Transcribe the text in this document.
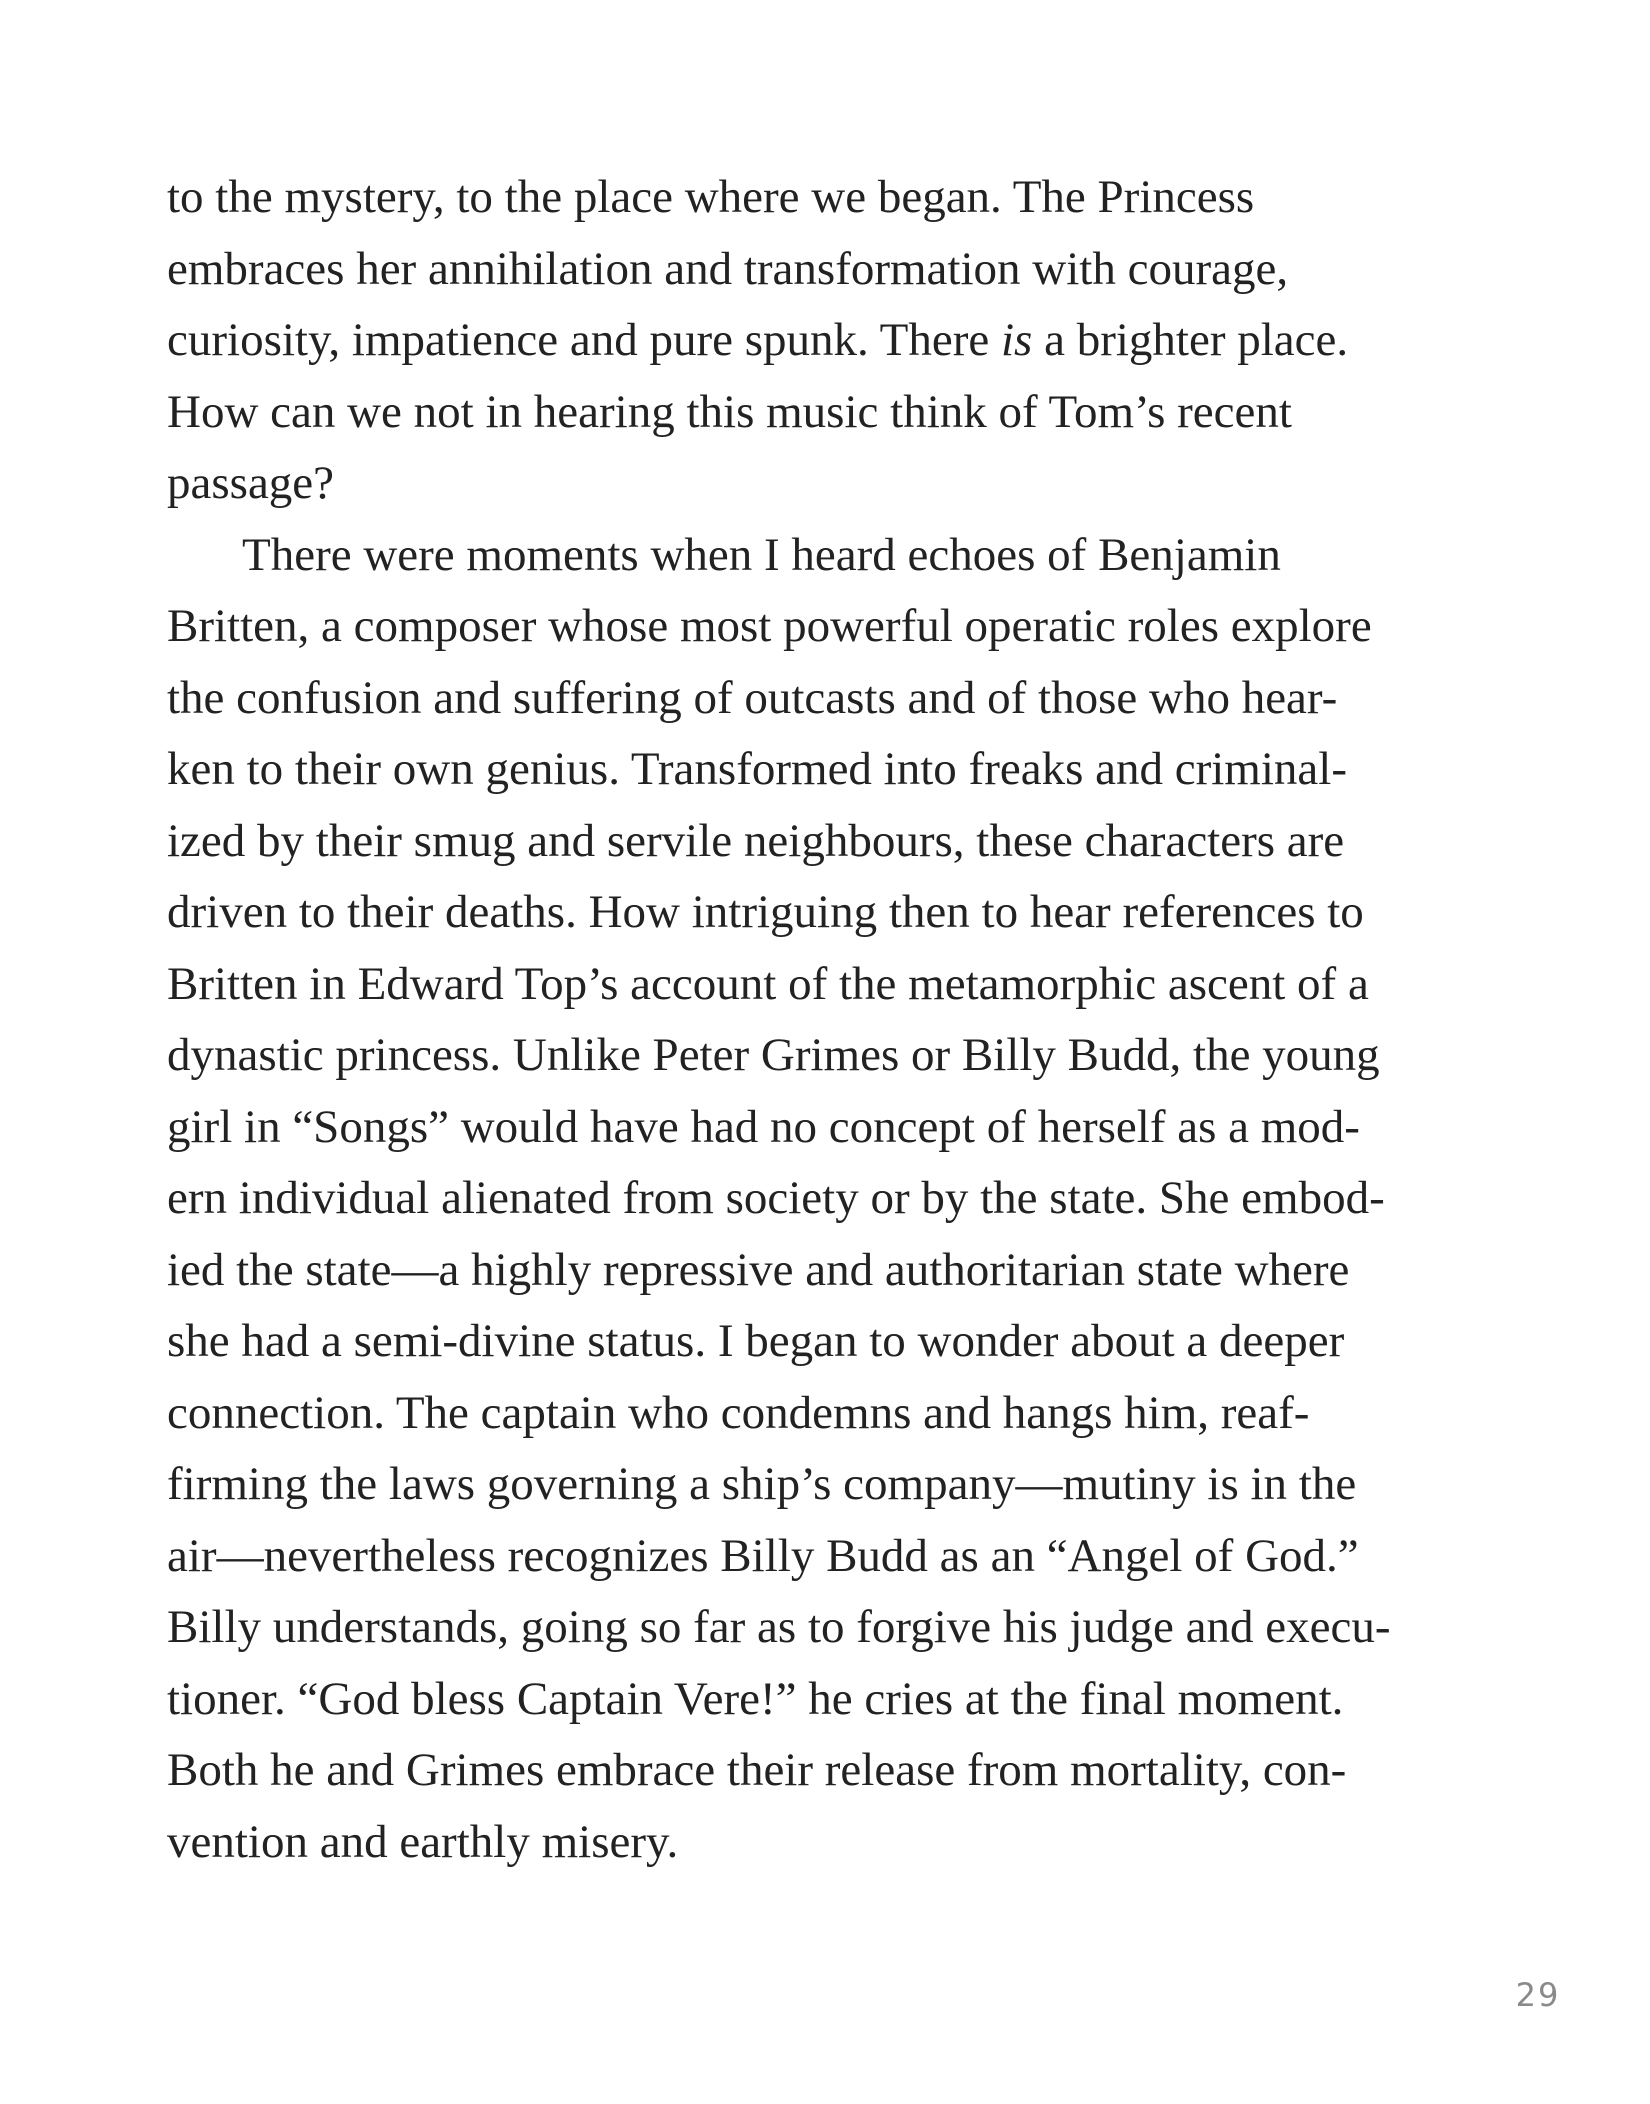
to the mystery, to the place where we began. The Princess
embraces her annihilation and transformation with courage,
curiosity, impatience and pure spunk. There is a brighter place.
How can we not in hearing this music think of Tom’s recent
passage?
There were moments when I heard echoes of Benjamin
Britten, a composer whose most powerful operatic roles explore
the confusion and suffering of outcasts and of those who hear-
ken to their own genius. Transformed into freaks and criminal-
ized by their smug and servile neighbours, these characters are
driven to their deaths. How intriguing then to hear references to
Britten in Edward Top’s account of the metamorphic ascent of a
dynastic princess. Unlike Peter Grimes or Billy Budd, the young
girl in “Songs” would have had no concept of herself as a mod-
ern individual alienated from society or by the state. She embod-
ied the state—a highly repressive and authoritarian state where
she had a semi-divine status. I began to wonder about a deeper
connection. The captain who condemns and hangs him, reaf-
firming the laws governing a ship’s company—mutiny is in the
air—nevertheless recognizes Billy Budd as an “Angel of God.”
Billy understands, going so far as to forgive his judge and execu-
tioner. “God bless Captain Vere!” he cries at the final moment.
Both he and Grimes embrace their release from mortality, con-
vention and earthly misery.
29
